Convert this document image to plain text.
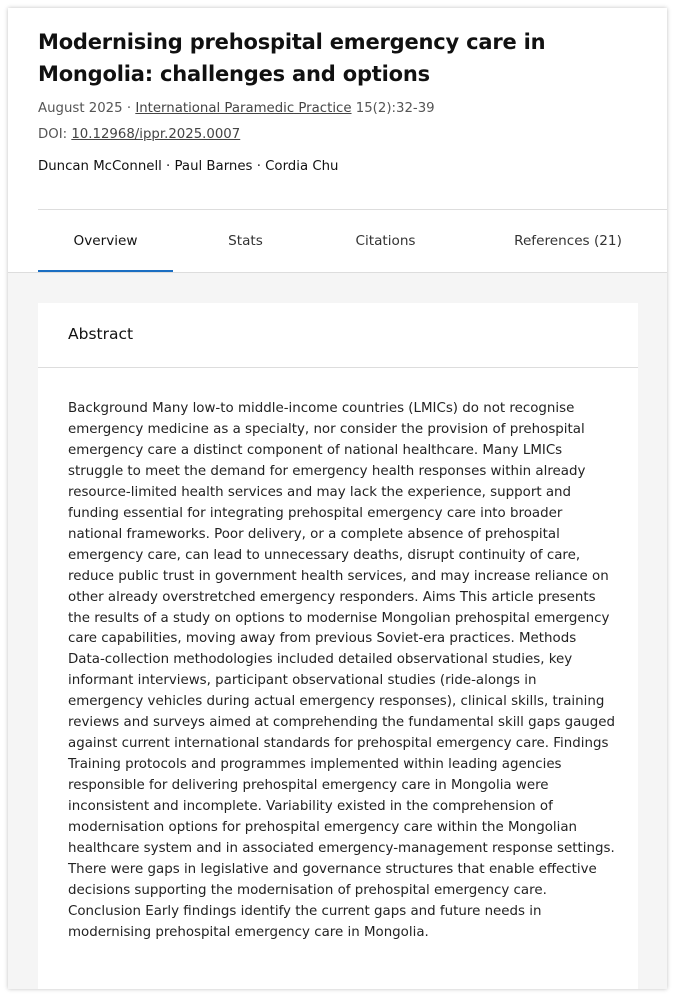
Modernising prehospital emergency care in Mongolia: challenges and options
August 2025 · International Paramedic Practice 15(2):32-39
DOI: 10.12968/ippr.2025.0007
Duncan McConnell · Paul Barnes · Cordia Chu
Overview	Stats	Citations	References (21)
Abstract

Background Many low-to middle-income countries (LMICs) do not recognise emergency medicine as a specialty, nor consider the provision of prehospital emergency care a distinct component of national healthcare. Many LMICs struggle to meet the demand for emergency health responses within already resource-limited health services and may lack the experience, support and funding essential for integrating prehospital emergency care into broader national frameworks. Poor delivery, or a complete absence of prehospital emergency care, can lead to unnecessary deaths, disrupt continuity of care, reduce public trust in government health services, and may increase reliance on other already overstretched emergency responders. Aims This article presents the results of a study on options to modernise Mongolian prehospital emergency care capabilities, moving away from previous Soviet-era practices. Methods Data-collection methodologies included detailed observational studies, key informant interviews, participant observational studies (ride-alongs in emergency vehicles during actual emergency responses), clinical skills, training reviews and surveys aimed at comprehending the fundamental skill gaps gauged against current international standards for prehospital emergency care. Findings Training protocols and programmes implemented within leading agencies responsible for delivering prehospital emergency care in Mongolia were inconsistent and incomplete. Variability existed in the comprehension of modernisation options for prehospital emergency care within the Mongolian healthcare system and in associated emergency-management response settings. There were gaps in legislative and governance structures that enable effective decisions supporting the modernisation of prehospital emergency care. Conclusion Early findings identify the current gaps and future needs in modernising prehospital emergency care in Mongolia.
